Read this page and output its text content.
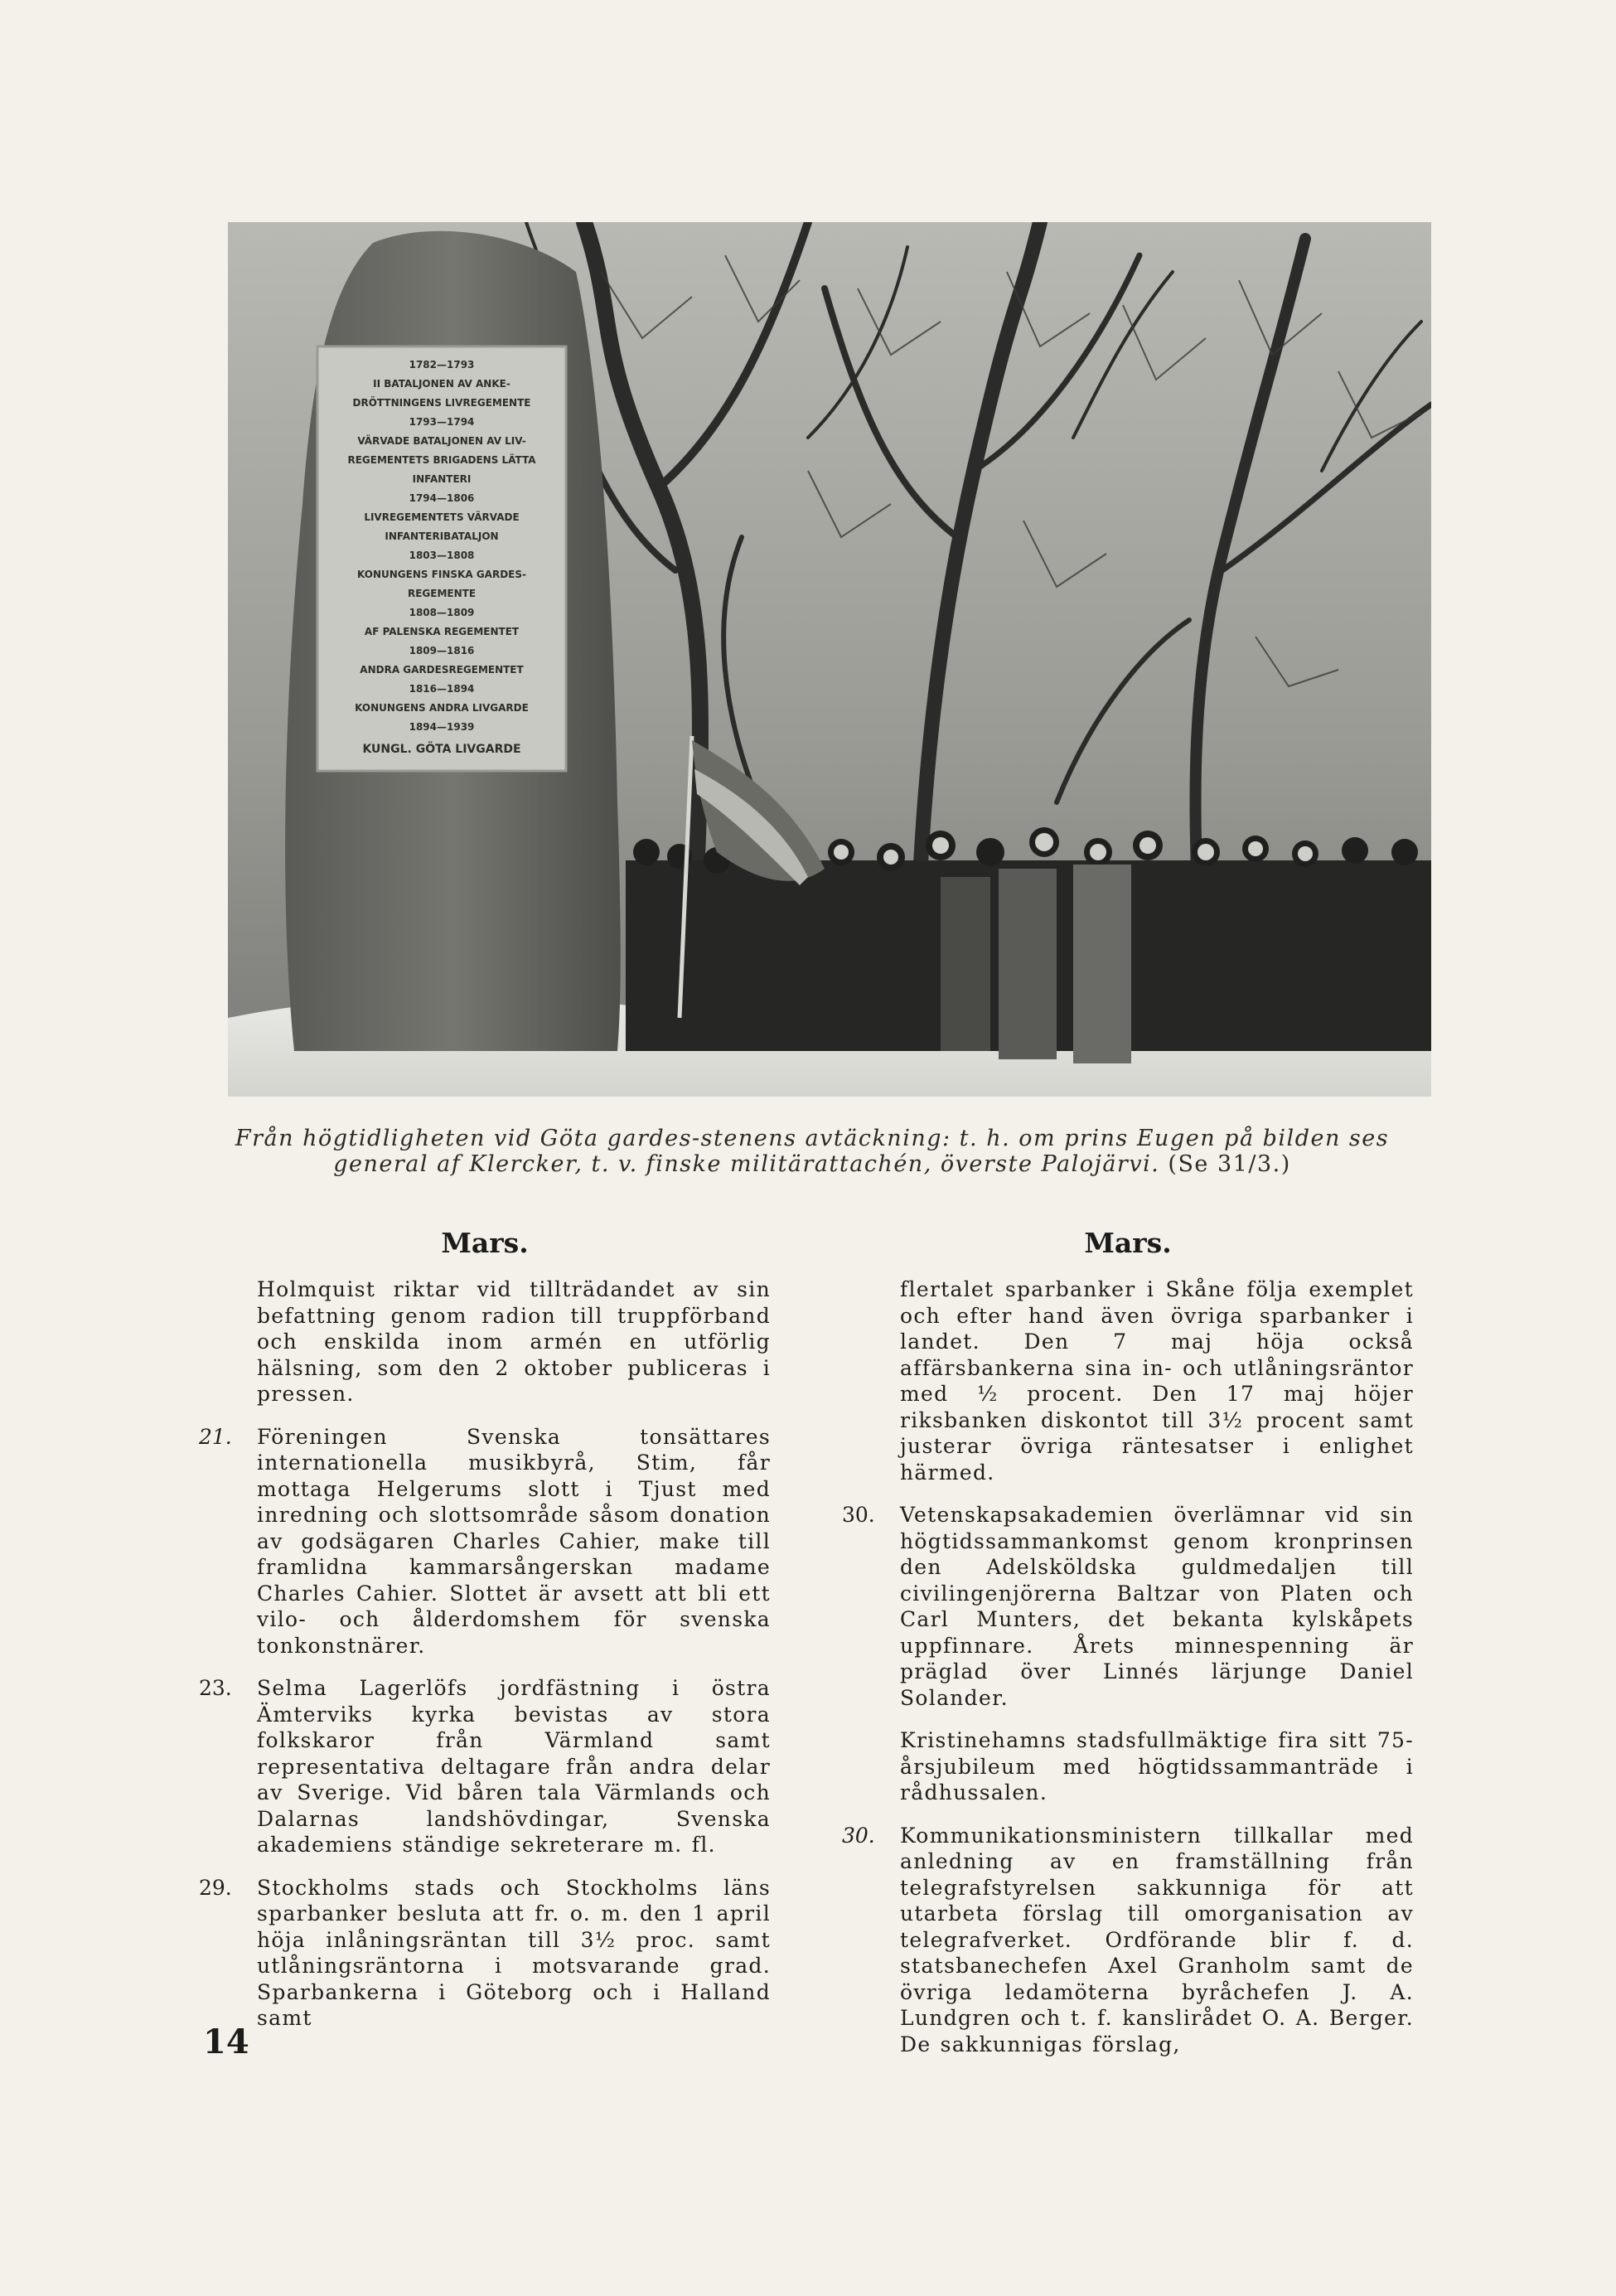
1782—1793
II BATALJONEN AV ANKE-
DRÖTTNINGENS LIVREGEMENTE
1793—1794
VÄRVADE BATALJONEN AV LIV-
REGEMENTETS BRIGADENS LÄTTA
INFANTERI
1794—1806
LIVREGEMENTETS VÄRVADE
INFANTERIBATALJON
1803—1808
KONUNGENS FINSKA GARDES-
REGEMENTE
1808—1809
AF PALENSKA REGEMENTET
1809—1816
ANDRA GARDESREGEMENTET
1816—1894
KONUNGENS ANDRA LIVGARDE
1894—1939
KUNGL. GÖTA LIVGARDE
Från högtidligheten vid Göta gardes-stenens avtäckning: t. h. om prins Eugen på bilden ses general af Klercker, t. v. finske militärattachén, överste Palojärvi. (Se 31/3.)
Mars.
Holmquist riktar vid tillträdandet av sin befattning genom radion till truppförband och enskilda inom armén en utförlig hälsning, som den 2 oktober publiceras i pressen.
21.	Föreningen Svenska tonsättares internationella musikbyrå, Stim, får mottaga Helgerums slott i Tjust med inredning och slottsområde såsom donation av godsägaren Charles Cahier, make till framlidna kammarsångerskan madame Charles Cahier. Slottet är avsett att bli ett vilo- och ålderdomshem för svenska tonkonstnärer.
23.	Selma Lagerlöfs jordfästning i östra Ämterviks kyrka bevistas av stora folkskaror från Värmland samt representativa deltagare från andra delar av Sverige. Vid båren tala Värmlands och Dalarnas landshövdingar, Svenska akademiens ständige sekreterare m. fl.
29.	Stockholms stads och Stockholms läns sparbanker besluta att fr. o. m. den 1 april höja inlåningsräntan till 3½ proc. samt utlåningsräntorna i motsvarande grad. Sparbankerna i Göteborg och i Halland samt
Mars.
flertalet sparbanker i Skåne följa exemplet och efter hand även övriga sparbanker i landet. Den 7 maj höja också affärsbankerna sina in- och utlåningsräntor med ½ procent. Den 17 maj höjer riksbanken diskontot till 3½ procent samt justerar övriga räntesatser i enlighet härmed.
30.	Vetenskapsakademien överlämnar vid sin högtidssammankomst genom kronprinsen den Adelsköldska guldmedaljen till civilingenjörerna Baltzar von Platen och Carl Munters, det bekanta kylskåpets uppfinnare. Årets minnespenning är präglad över Linnés lärjunge Daniel Solander.
Kristinehamns stadsfullmäktige fira sitt 75-årsjubileum med högtidssammanträde i rådhussalen.
30.	Kommunikationsministern tillkallar med anledning av en framställning från telegrafstyrelsen sakkunniga för att utarbeta förslag till omorganisation av telegrafverket. Ordförande blir f. d. statsbanechefen Axel Granholm samt de övriga ledamöterna byråchefen J. A. Lundgren och t. f. kanslirådet O. A. Berger. De sakkunnigas förslag,
14
